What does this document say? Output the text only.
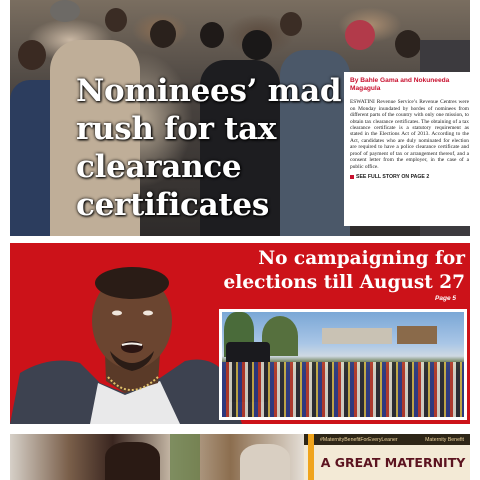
Nominees’ mad rush for tax clearance certificates
By Bahle Gama and Nokuneeda Magagula

ESWATINI Revenue Service’s Revenue Centres were on Monday inundated by hordes of nominees from different parts of the country with only one mission, to obtain tax clearance certificates. The obtaining of a tax clearance certificate is a statutory requirement as stated in the Elections Act of 2013. According to the Act, candidates who are duly nominated for election are required to have a police clearance certificate and proof of payment of tax or arrangement thereof, and a consent letter from the employer, in the case of a public office.

SEE FULL STORY ON PAGE 2
No campaigning for elections till August 27
Page 5
#MaternityBenefitForEveryLeaner	Maternity Benefit
A GREAT MATERNITY
